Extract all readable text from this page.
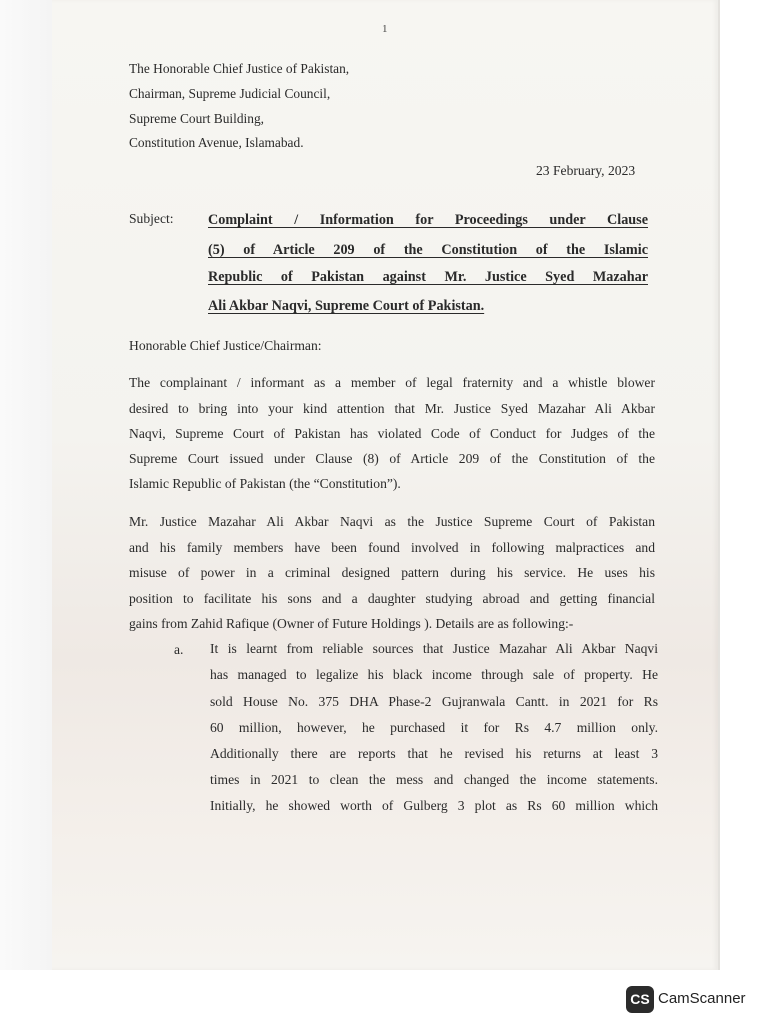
1
The Honorable Chief Justice of Pakistan,
Chairman, Supreme Judicial Council,
Supreme Court Building,
Constitution Avenue, Islamabad.
23 February, 2023
Subject: Complaint / Information for Proceedings under Clause
(5) of Article 209 of the Constitution of the Islamic
Republic of Pakistan against Mr. Justice Syed Mazahar
Ali Akbar Naqvi, Supreme Court of Pakistan.
Honorable Chief Justice/Chairman:
The complainant / informant as a member of legal fraternity and a whistle blower
desired to bring into your kind attention that Mr. Justice Syed Mazahar Ali Akbar
Naqvi, Supreme Court of Pakistan has violated Code of Conduct for Judges of the
Supreme Court issued under Clause (8) of Article 209 of the Constitution of the
Islamic Republic of Pakistan (the “Constitution”).
Mr. Justice Mazahar Ali Akbar Naqvi as the Justice Supreme Court of Pakistan
and his family members have been found involved in following malpractices and
misuse of power in a criminal designed pattern during his service. He uses his
position to facilitate his sons and a daughter studying abroad and getting financial
gains from Zahid Rafique (Owner of Future Holdings ). Details are as following:-
a. It is learnt from reliable sources that Justice Mazahar Ali Akbar Naqvi
has managed to legalize his black income through sale of property. He
sold House No. 375 DHA Phase-2 Gujranwala Cantt. in 2021 for Rs
60 million, however, he purchased it for Rs 4.7 million only.
Additionally there are reports that he revised his returns at least 3
times in 2021 to clean the mess and changed the income statements.
Initially, he showed worth of Gulberg 3 plot as Rs 60 million which
CS CamScanner
